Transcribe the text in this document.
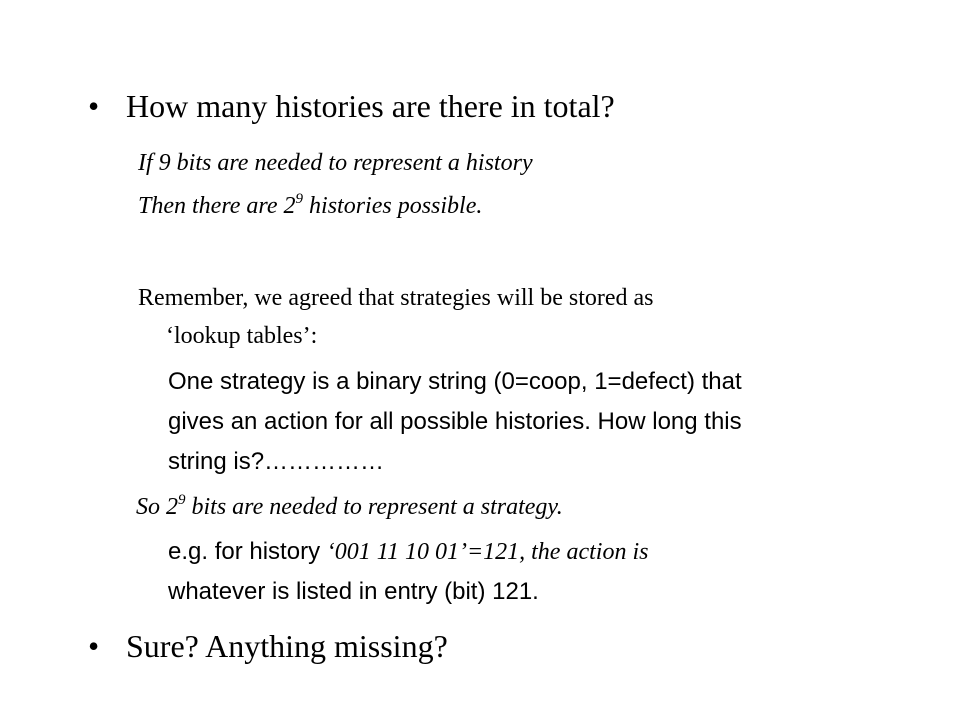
• How many histories are there in total?
If 9 bits are needed to represent a history
Then there are $2^9$ histories possible.
Remember, we agreed that strategies will be stored as
‘lookup tables’:
One strategy is a binary string (0=coop, 1=defect) that
gives an action for all possible histories. How long this
string is?……………
So $2^9$ bits are needed to represent a strategy.
e.g. for history ‘001 11 10 01’=121, the action is
whatever is listed in entry (bit) 121.
• Sure? Anything missing?
